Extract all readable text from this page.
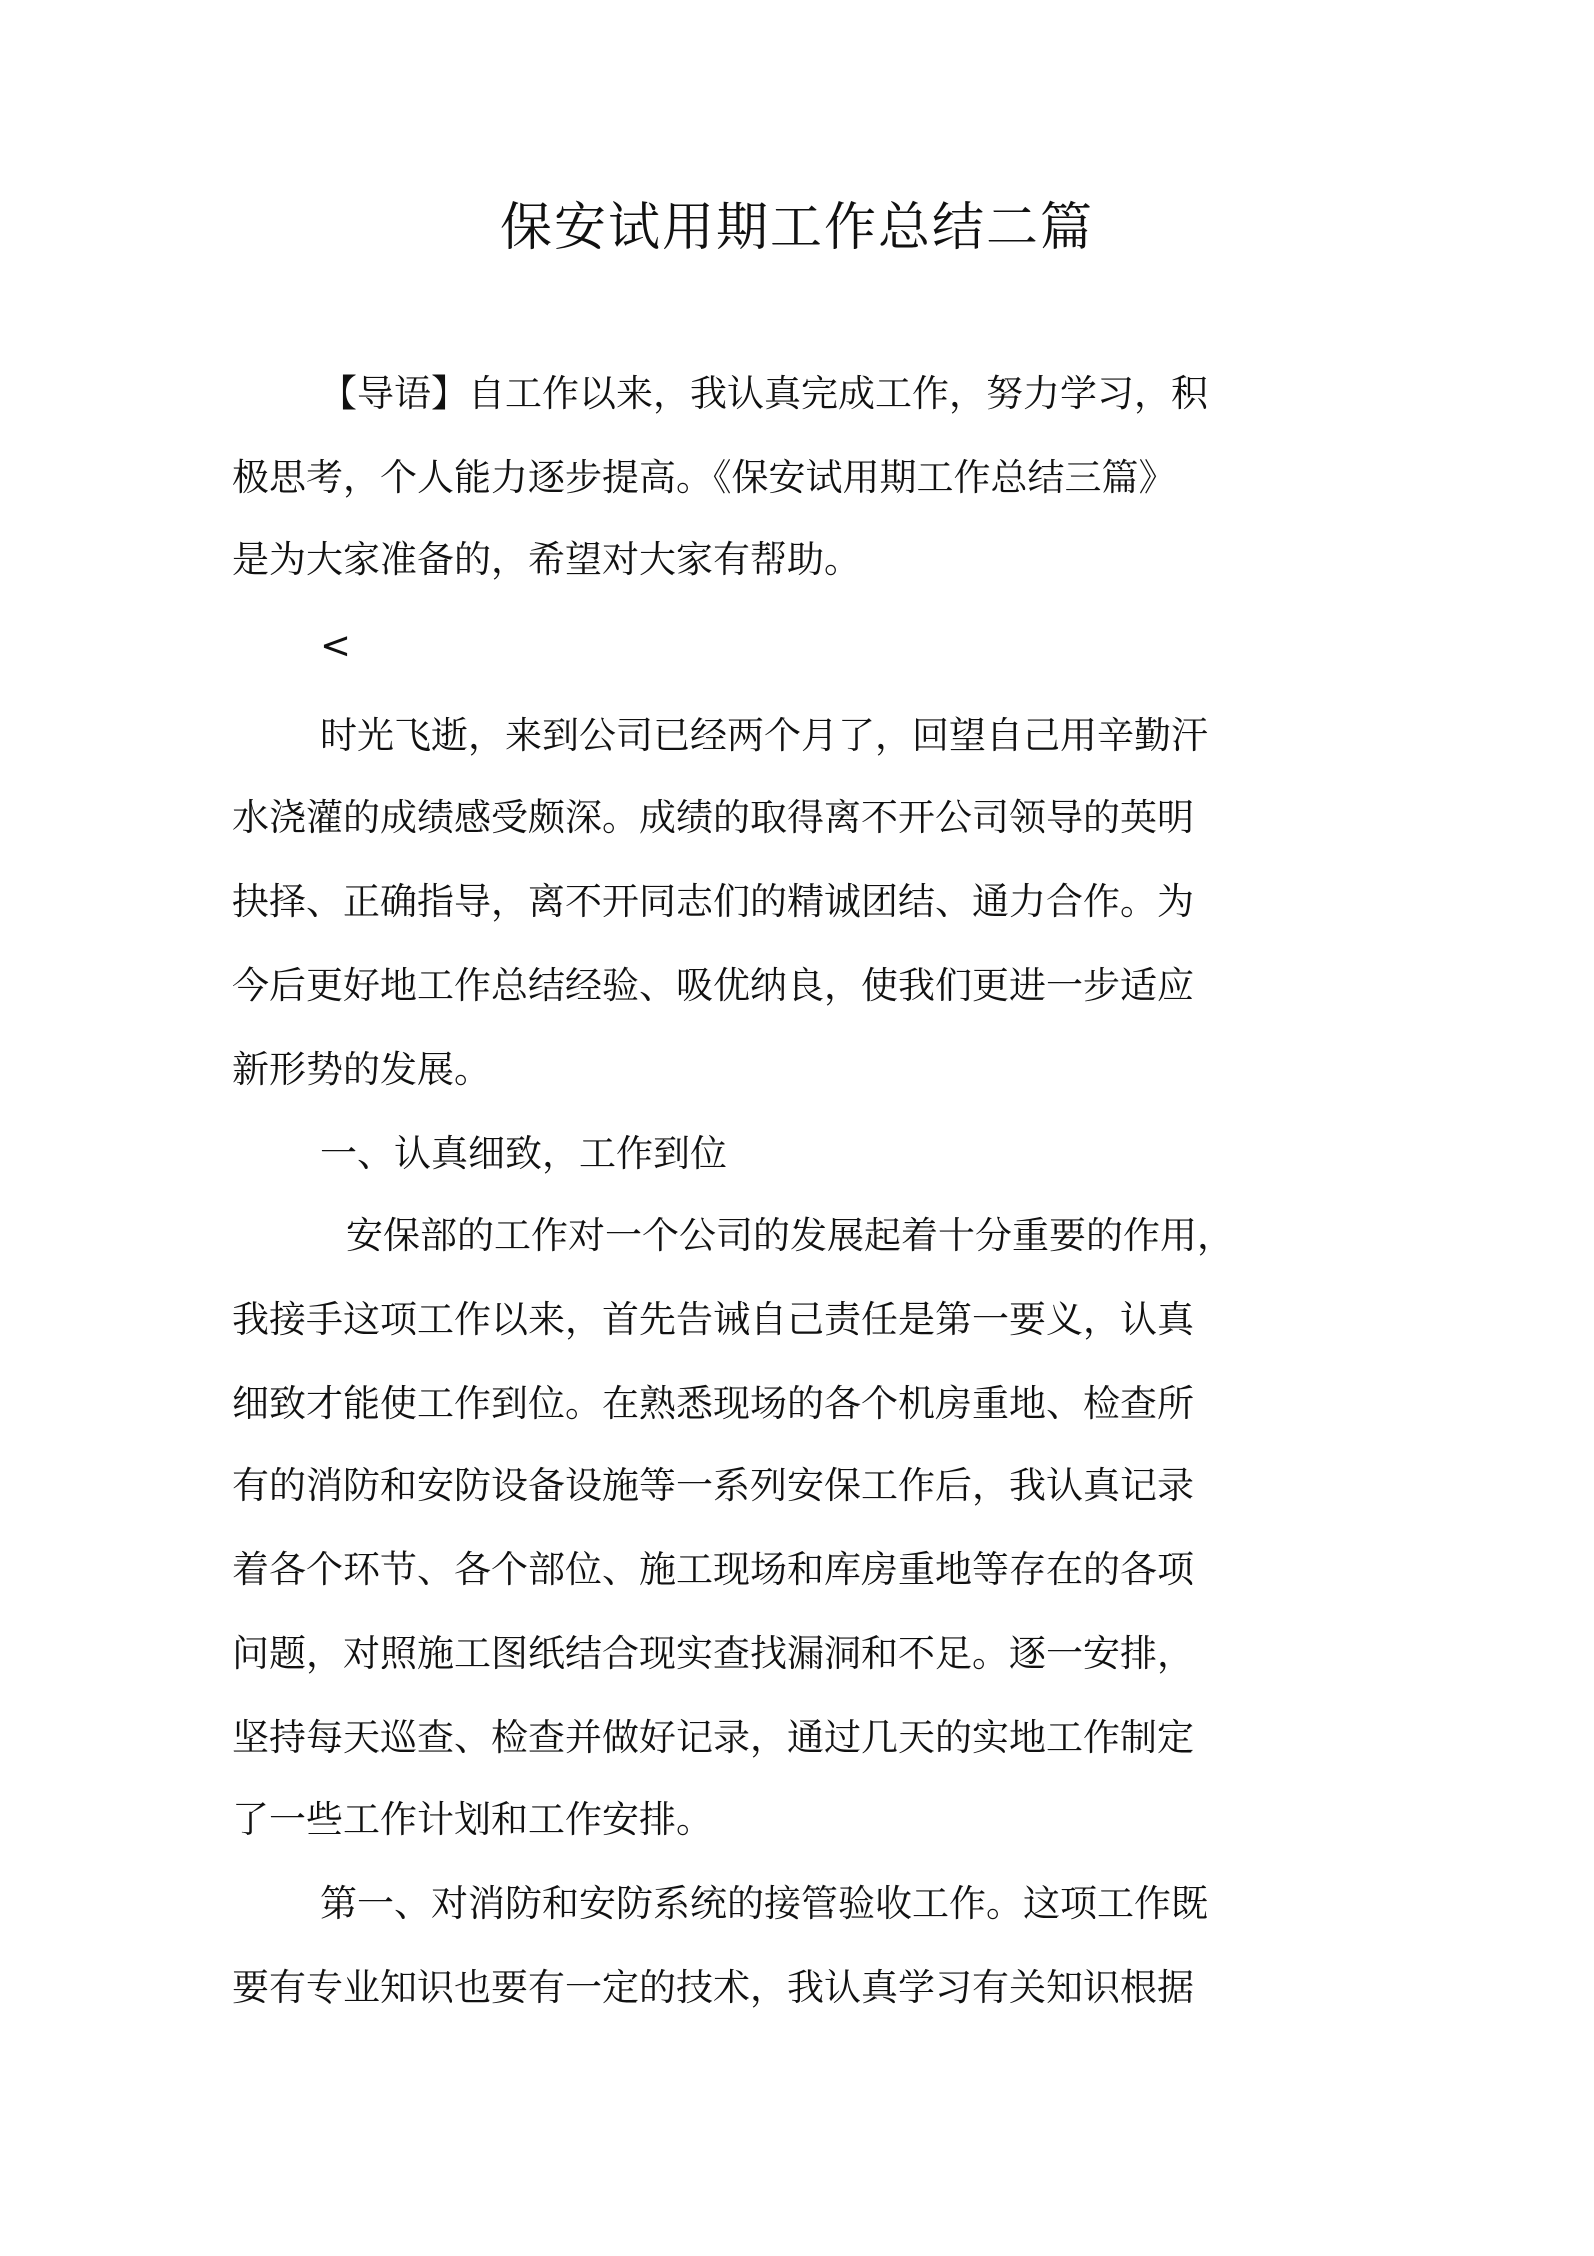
保安试用期工作总结二篇
【导语】自工作以来，我认真完成工作，努力学习，积
极思考，个人能力逐步提高。《保安试用期工作总结三篇》
是为大家准备的，希望对大家有帮助。
<
时光飞逝，来到公司已经两个月了，回望自己用辛勤汗
水浇灌的成绩感受颇深。成绩的取得离不开公司领导的英明
抉择、正确指导，离不开同志们的精诚团结、通力合作。为
今后更好地工作总结经验、吸优纳良，使我们更进一步适应
新形势的发展。
一、认真细致，工作到位
安保部的工作对一个公司的发展起着十分重要的作用，
我接手这项工作以来，首先告诫自己责任是第一要义，认真
细致才能使工作到位。在熟悉现场的各个机房重地、检查所
有的消防和安防设备设施等一系列安保工作后，我认真记录
着各个环节、各个部位、施工现场和库房重地等存在的各项
问题，对照施工图纸结合现实查找漏洞和不足。逐一安排，
坚持每天巡查、检查并做好记录，通过几天的实地工作制定
了一些工作计划和工作安排。
第一、对消防和安防系统的接管验收工作。这项工作既
要有专业知识也要有一定的技术，我认真学习有关知识根据
